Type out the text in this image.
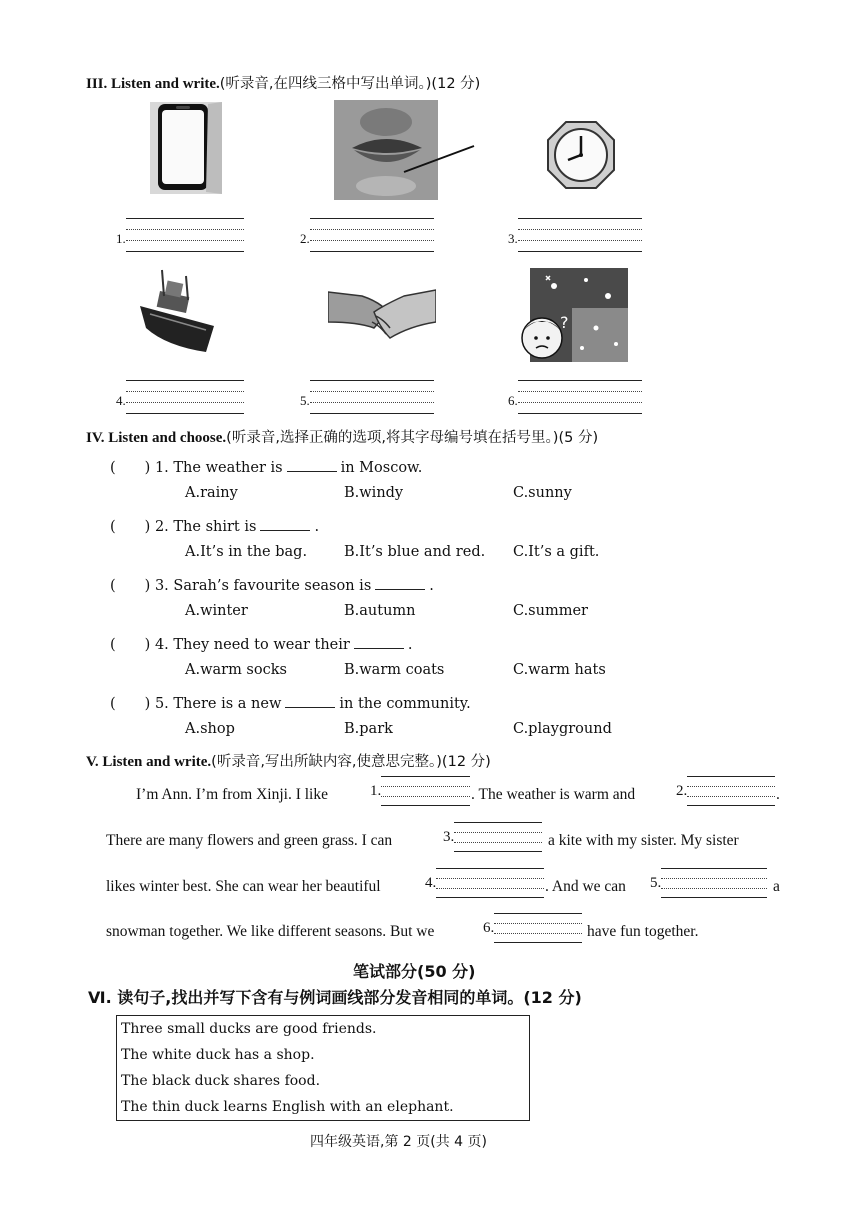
III. Listen and write.(听录音,在四线三格中写出单词。)(12 分)
1.	2.	3.
?
4.	5.	6.
IV. Listen and choose.(听录音,选择正确的选项,将其字母编号填在括号里。)(5 分)
(　　) 1. The weather is	in Moscow.
A.rainy	B.windy	C.sunny
(　　) 2. The shirt is	.
A.It’s in the bag.	B.It’s blue and red. C.It’s a gift.
(　　) 3. Sarah’s favourite season is	.
A.winter	B.autumn	C.summer
(　　) 4. They need to wear their	.
A.warm socks	B.warm coats	C.warm hats
(　　) 5. There is a new	in the community.
A.shop	B.park	C.playground
V. Listen and write.(听录音,写出所缺内容,使意思完整。)(12 分)
I’m Ann. I’m from Xinji. I like	1.	. The weather is warm and	2.	.
There are many flowers and green grass. I can	3.	a kite with my sister. My sister
likes winter best. She can wear her beautiful	4.	. And we can 5.	a
snowman together. We like different seasons. But we	6.	have fun together.
笔试部分(50 分)
Ⅵ. 读句子,找出并写下含有与例词画线部分发音相同的单词。(12 分)
Three small ducks are good friends.
The white duck has a shop.
The black duck shares food.
The thin duck learns English with an elephant.
四年级英语,第 2 页(共 4 页)
